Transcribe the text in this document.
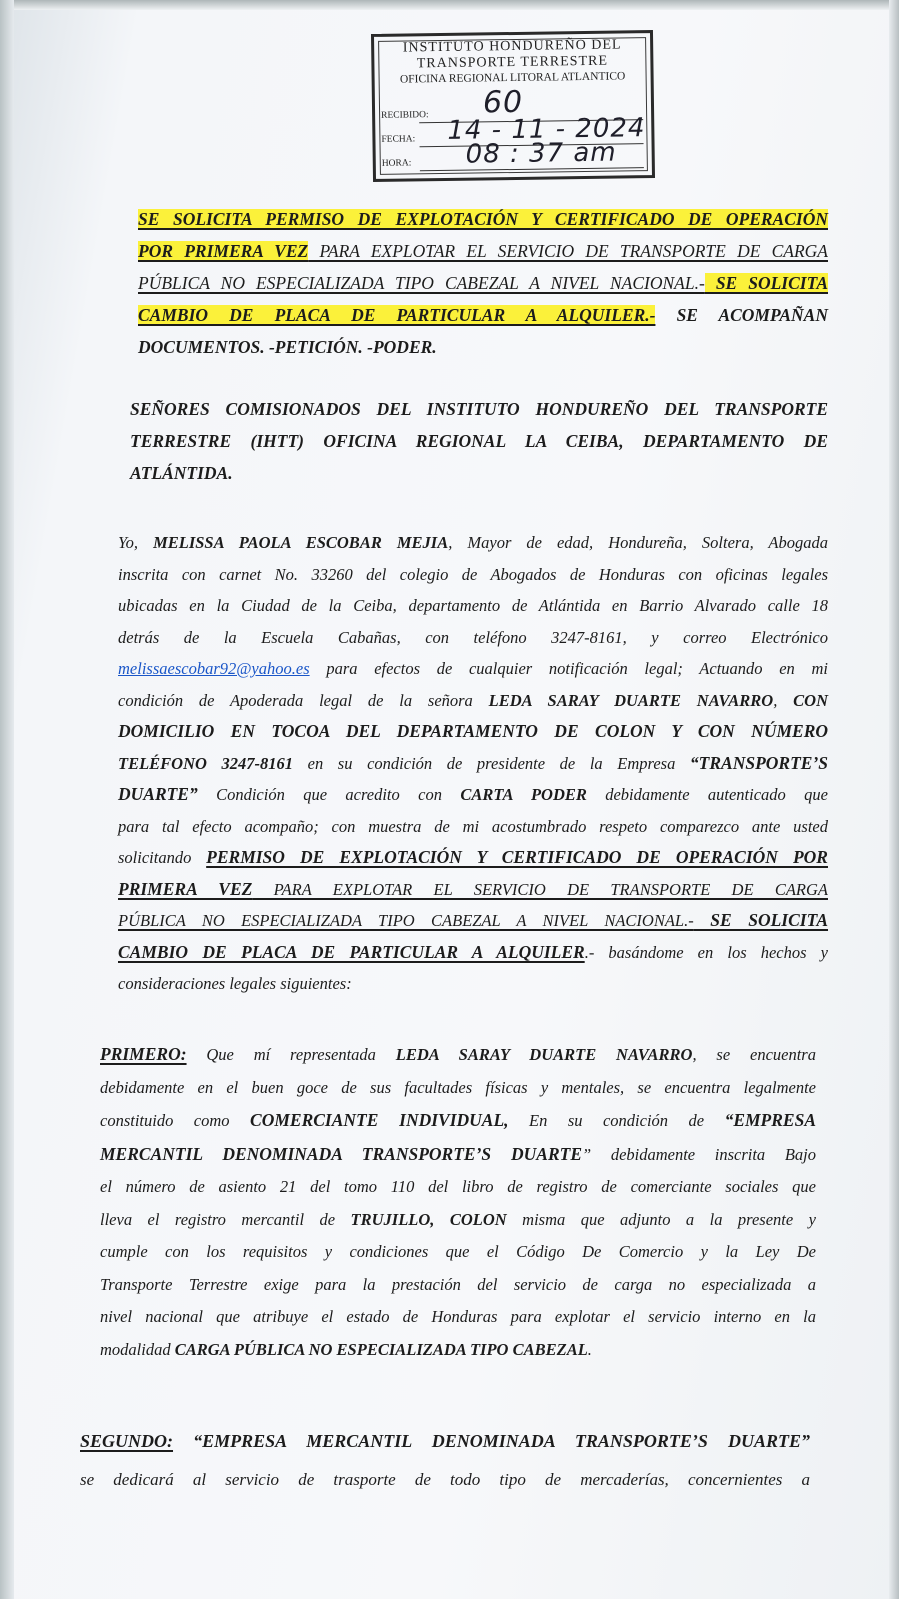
INSTITUTO HONDUREÑO DEL
TRANSPORTE TERRESTRE
OFICINA REGIONAL LITORAL ATLANTICO
RECIBIDO:
FECHA:
HORA:
60
14 - 11 - 2024
08 : 37 am
SE SOLICITA PERMISO DE EXPLOTACIÓN Y CERTIFICADO DE OPERACIÓN
POR PRIMERA VEZ PARA EXPLOTAR EL SERVICIO DE TRANSPORTE DE CARGA
PÚBLICA NO ESPECIALIZADA TIPO CABEZAL A NIVEL NACIONAL.- SE SOLICITA
CAMBIO DE PLACA DE PARTICULAR A ALQUILER.- SE ACOMPAÑAN
DOCUMENTOS. -PETICIÓN. -PODER.
SEÑORES COMISIONADOS DEL INSTITUTO HONDUREÑO DEL TRANSPORTE
TERRESTRE (IHTT) OFICINA REGIONAL LA CEIBA, DEPARTAMENTO DE
ATLÁNTIDA.
Yo, MELISSA PAOLA ESCOBAR MEJIA, Mayor de edad, Hondureña, Soltera, Abogada
inscrita con carnet No. 33260 del colegio de Abogados de Honduras con oficinas legales
ubicadas en la Ciudad de la Ceiba, departamento de Atlántida en Barrio Alvarado calle 18
detrás de la Escuela Cabañas, con teléfono 3247-8161, y correo Electrónico
melissaescobar92@yahoo.es para efectos de cualquier notificación legal; Actuando en mi
condición de Apoderada legal de la señora LEDA SARAY DUARTE NAVARRO, CON
DOMICILIO EN TOCOA DEL DEPARTAMENTO DE COLON Y CON NÚMERO
TELÉFONO 3247-8161 en su condición de presidente de la Empresa “TRANSPORTE’S
DUARTE” Condición que acredito con CARTA PODER debidamente autenticado que
para tal efecto acompaño; con muestra de mi acostumbrado respeto comparezco ante usted
solicitando PERMISO DE EXPLOTACIÓN Y CERTIFICADO DE OPERACIÓN POR
PRIMERA VEZ PARA EXPLOTAR EL SERVICIO DE TRANSPORTE DE CARGA
PÚBLICA NO ESPECIALIZADA TIPO CABEZAL A NIVEL NACIONAL.- SE SOLICITA
CAMBIO DE PLACA DE PARTICULAR A ALQUILER.- basándome en los hechos y
consideraciones legales siguientes:
PRIMERO: Que mí representada LEDA SARAY DUARTE NAVARRO, se encuentra
debidamente en el buen goce de sus facultades físicas y mentales, se encuentra legalmente
constituido como COMERCIANTE INDIVIDUAL, En su condición de “EMPRESA
MERCANTIL DENOMINADA TRANSPORTE’S DUARTE” debidamente inscrita Bajo
el número de asiento 21 del tomo 110 del libro de registro de comerciante sociales que
lleva el registro mercantil de TRUJILLO, COLON misma que adjunto a la presente y
cumple con los requisitos y condiciones que el Código De Comercio y la Ley De
Transporte Terrestre exige para la prestación del servicio de carga no especializada a
nivel nacional que atribuye el estado de Honduras para explotar el servicio interno en la
modalidad CARGA PÚBLICA NO ESPECIALIZADA TIPO CABEZAL.
SEGUNDO: “EMPRESA MERCANTIL DENOMINADA TRANSPORTE’S DUARTE”
se dedicará al servicio de trasporte de todo tipo de mercaderías, concernientes a
